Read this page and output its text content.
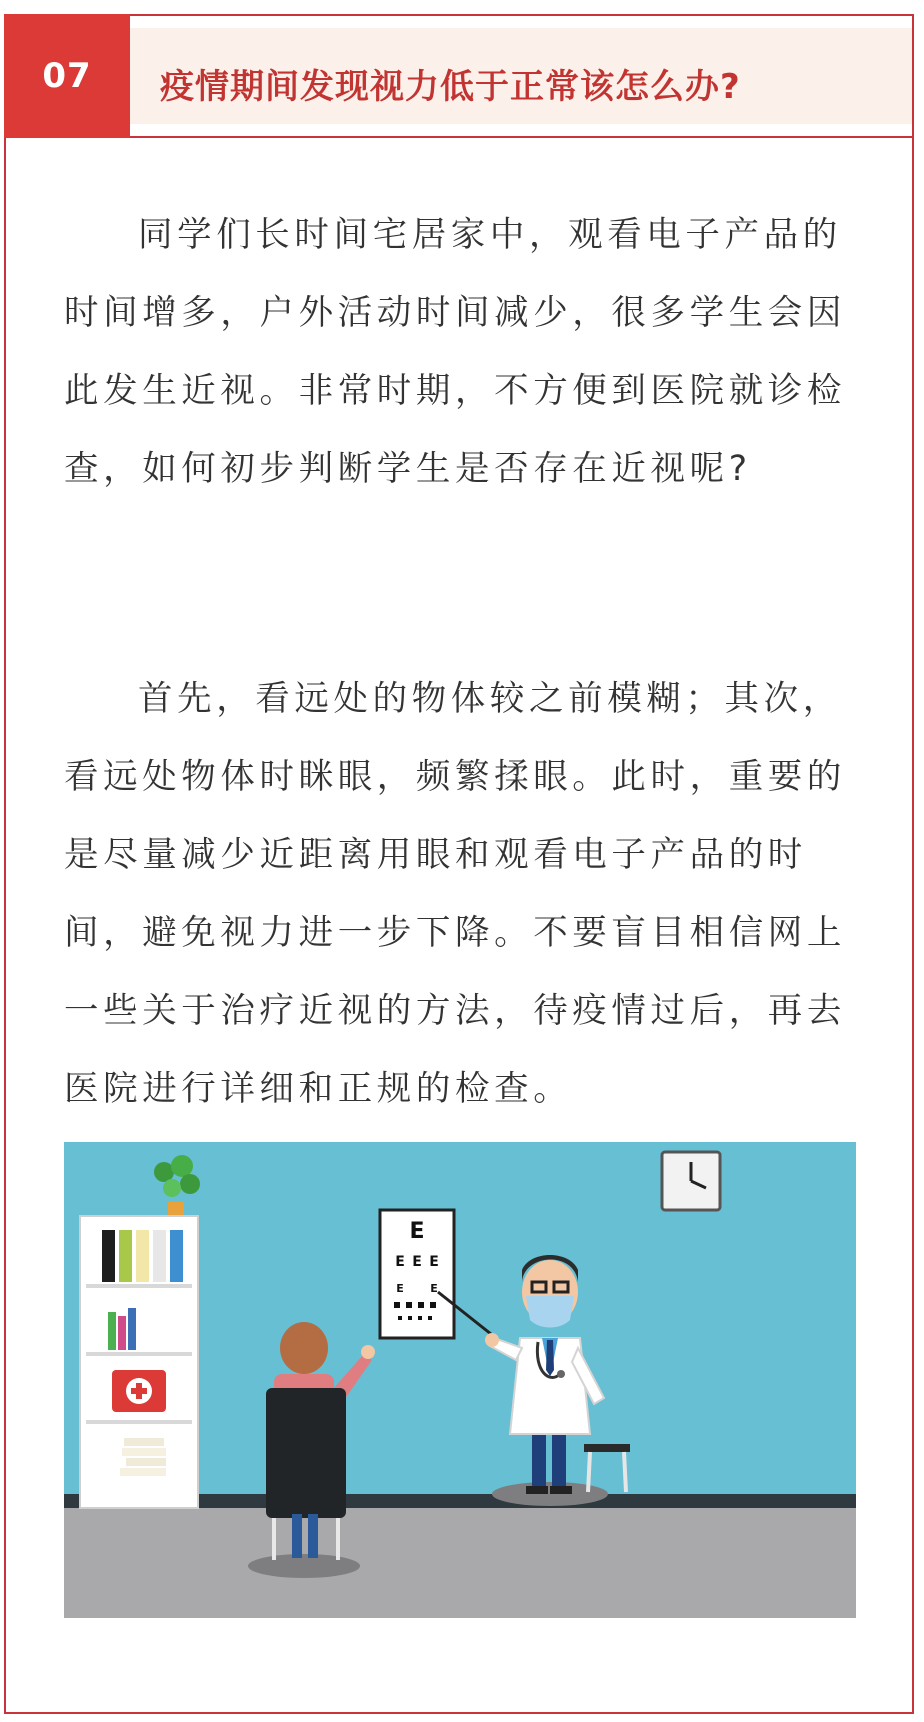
07	疫情期间发现视力低于正常该怎么办?

同学们长时间宅居家中，观看电子产品的时间增多，户外活动时间减少，很多学生会因此发生近视。非常时期，不方便到医院就诊检查，如何初步判断学生是否存在近视呢?

首先，看远处的物体较之前模糊；其次，看远处物体时眯眼，频繁揉眼。此时，重要的是尽量减少近距离用眼和观看电子产品的时间，避免视力进一步下降。不要盲目相信网上一些关于治疗近视的方法，待疫情过后，再去医院进行详细和正规的检查。

E
E E E
E E
